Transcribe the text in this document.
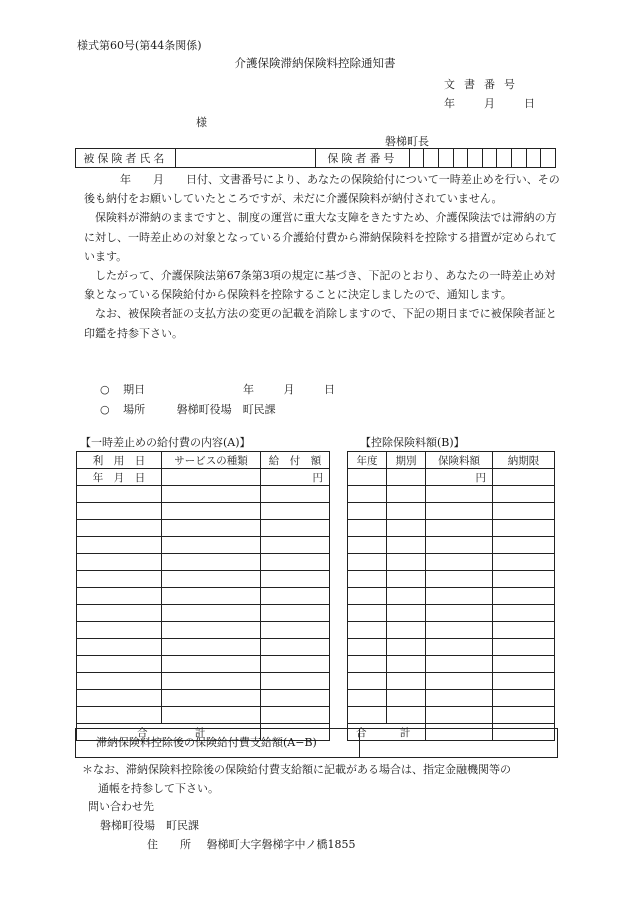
様式第60号(第44条関係)
介護保険滞納保険料控除通知書
文書番号
年	月	日
様
磐梯町長
被保険者氏名		保険者番号										

年　　月　　日付、文書番号により、あなたの保険給付について一時差止めを行い、その後も納付をお願いしていたところですが、未だに介護保険料が納付されていません。

保険料が滞納のままですと、制度の運営に重大な支障をきたすため、介護保険法では滞納の方に対し、一時差止めの対象となっている介護給付費から滞納保険料を控除する措置が定められています。

したがって、介護保険法第67条第3項の規定に基づき、下記のとおり、あなたの一時差止め対象となっている保険給付から保険料を控除することに決定しましたので、通知します。

なお、被保険者証の支払方法の変更の記載を消除しますので、下記の期日までに被保険者証と印鑑を持参下さい。

○ 期日	年	月	日
○ 場所	磐梯町役場　町民課
【一時差止めの給付費の内容(A)】	【控除保険料額(B)】
利　用　日	サービスの種類	給　付　額
年　月　日		円

合 計		
年度	期別	保険料額	納期限
		円	

合 計			
滞納保険料控除後の保険給付費支給額(A−B)
＊なお、滞納保険料控除後の保険給付費支給額に記載がある場合は、指定金融機関等の
通帳を持参して下さい。
問い合わせ先
磐梯町役場　町民課
住　　所 磐梯町大字磐梯字中ノ橋1855
